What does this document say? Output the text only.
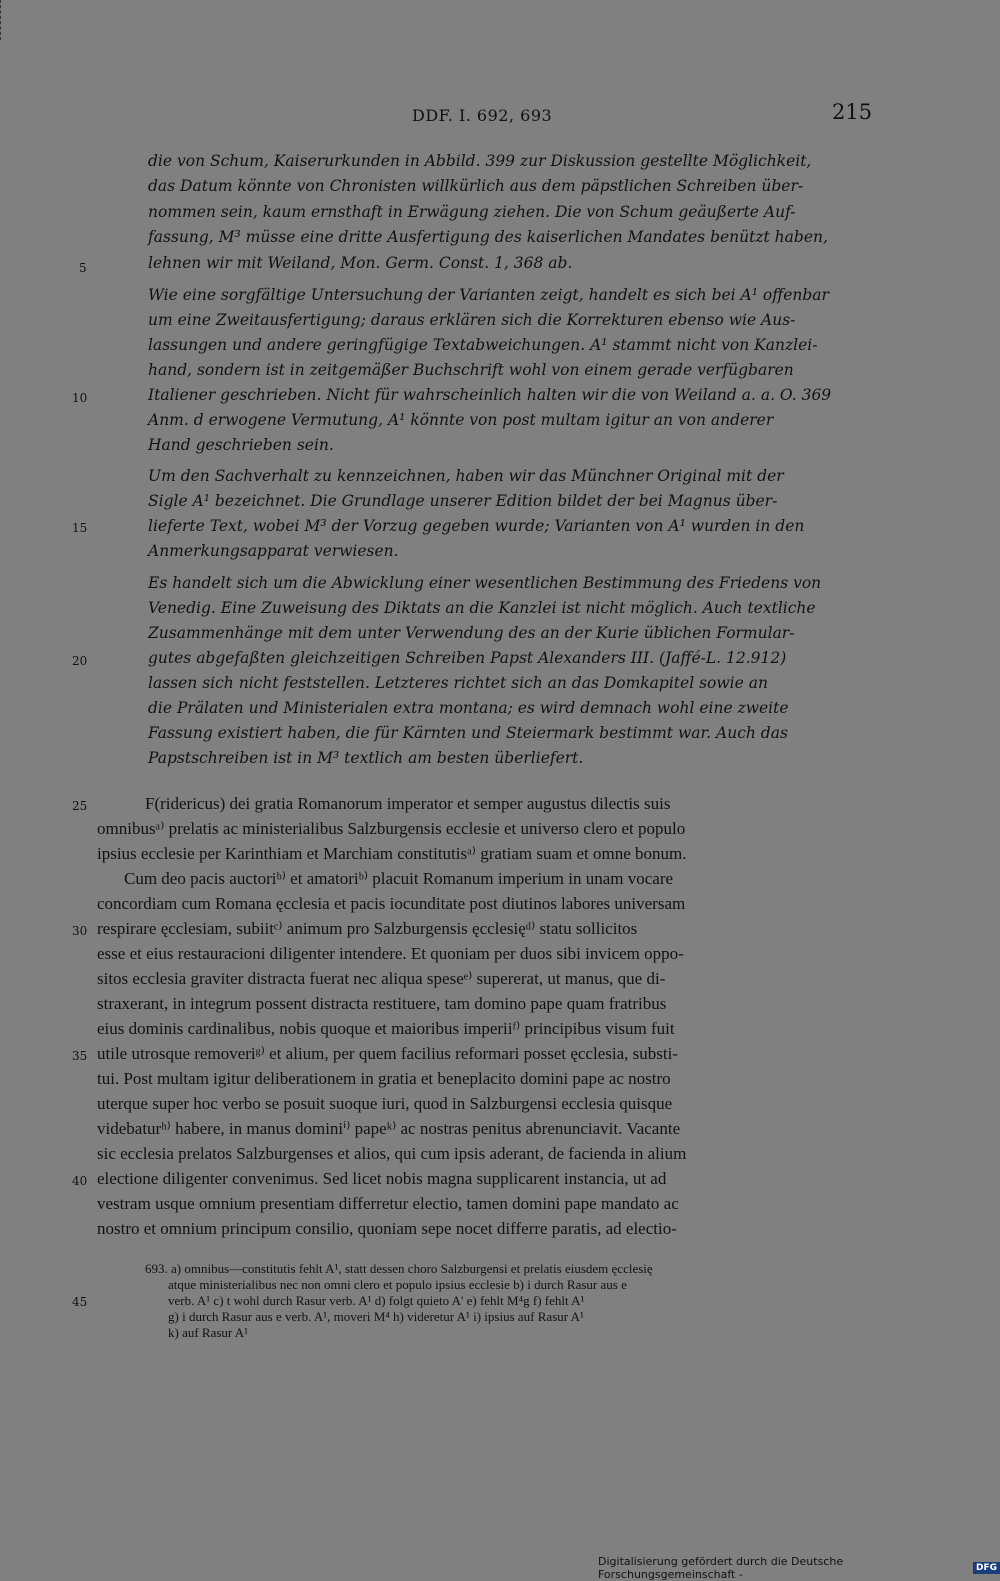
DDF. I. 692, 693	215
die von Schum, Kaiserurkunden in Abbild. 399 zur Diskussion gestellte Möglichkeit,
das Datum könnte von Chronisten willkürlich aus dem päpstlichen Schreiben über-
nommen sein, kaum ernsthaft in Erwägung ziehen. Die von Schum geäußerte Auf-
fassung, M³ müsse eine dritte Ausfertigung des kaiserlichen Mandates benützt haben,
lehnen wir mit Weiland, Mon. Germ. Const. 1, 368 ab.
Wie eine sorgfältige Untersuchung der Varianten zeigt, handelt es sich bei A¹ offenbar
um eine Zweitausfertigung; daraus erklären sich die Korrekturen ebenso wie Aus-
lassungen und andere geringfügige Textabweichungen. A¹ stammt nicht von Kanzlei-
hand, sondern ist in zeitgemäßer Buchschrift wohl von einem gerade verfügbaren
Italiener geschrieben. Nicht für wahrscheinlich halten wir die von Weiland a. a. O. 369
Anm. d erwogene Vermutung, A¹ könnte von post multam igitur an von anderer
Hand geschrieben sein.
Um den Sachverhalt zu kennzeichnen, haben wir das Münchner Original mit der
Sigle A¹ bezeichnet. Die Grundlage unserer Edition bildet der bei Magnus über-
lieferte Text, wobei M³ der Vorzug gegeben wurde; Varianten von A¹ wurden in den
Anmerkungsapparat verwiesen.
Es handelt sich um die Abwicklung einer wesentlichen Bestimmung des Friedens von
Venedig. Eine Zuweisung des Diktats an die Kanzlei ist nicht möglich. Auch textliche
Zusammenhänge mit dem unter Verwendung des an der Kurie üblichen Formular-
gutes abgefaßten gleichzeitigen Schreiben Papst Alexanders III. (Jaffé-L. 12.912)
lassen sich nicht feststellen. Letzteres richtet sich an das Domkapitel sowie an
die Prälaten und Ministerialen extra montana; es wird demnach wohl eine zweite
Fassung existiert haben, die für Kärnten und Steiermark bestimmt war. Auch das
Papstschreiben ist in M³ textlich am besten überliefert.
F(ridericus) dei gratia Romanorum imperator et semper augustus dilectis suis
omnibusᵃ⁾ prelatis ac ministerialibus Salzburgensis ecclesie et universo clero et populo
ipsius ecclesie per Karinthiam et Marchiam constitutisᵃ⁾ gratiam suam et omne bonum.
Cum deo pacis auctoriᵇ⁾ et amatoriᵇ⁾ placuit Romanum imperium in unam vocare
concordiam cum Romana ęcclesia et pacis iocunditate post diutinos labores universam
respirare ęcclesiam, subiitᶜ⁾ animum pro Salzburgensis ęcclesięᵈ⁾ statu sollicitos
esse et eius restauracioni diligenter intendere. Et quoniam per duos sibi invicem oppo-
sitos ecclesia graviter distracta fuerat nec aliqua speseᵉ⁾ supererat, ut manus, que di-
straxerant, in integrum possent distracta restituere, tam domino pape quam fratribus
eius dominis cardinalibus, nobis quoque et maioribus imperiiᶠ⁾ principibus visum fuit
utile utrosque removeriᵍ⁾ et alium, per quem facilius reformari posset ęcclesia, substi-
tui. Post multam igitur deliberationem in gratia et beneplacito domini pape ac nostro
uterque super hoc verbo se posuit suoque iuri, quod in Salzburgensi ecclesia quisque
videbaturʰ⁾ habere, in manus dominiⁱ⁾ papeᵏ⁾ ac nostras penitus abrenunciavit. Vacante
sic ecclesia prelatos Salzburgenses et alios, qui cum ipsis aderant, de facienda in alium
electione diligenter convenimus. Sed licet nobis magna supplicarent instancia, ut ad
vestram usque omnium presentiam differretur electio, tamen domini pape mandato ac
nostro et omnium principum consilio, quoniam sepe nocet differre paratis, ad electio-
5
10
15
20
25
30
35
40
45
693. a) omnibus—constitutis fehlt A¹, statt dessen choro Salzburgensi et prelatis eiusdem ęcclesię
atque ministerialibus nec non omni clero et populo ipsius ecclesie b) i durch Rasur aus e
verb. A¹ c) t wohl durch Rasur verb. A¹ d) folgt quieto A' e) fehlt M⁴g f) fehlt A¹
g) i durch Rasur aus e verb. A¹, moveri M⁴ h) videretur A¹ i) ipsius auf Rasur A¹
k) auf Rasur A¹
Digitalisierung gefördert durch die Deutsche Forschungsgemeinschaft -	DFG
